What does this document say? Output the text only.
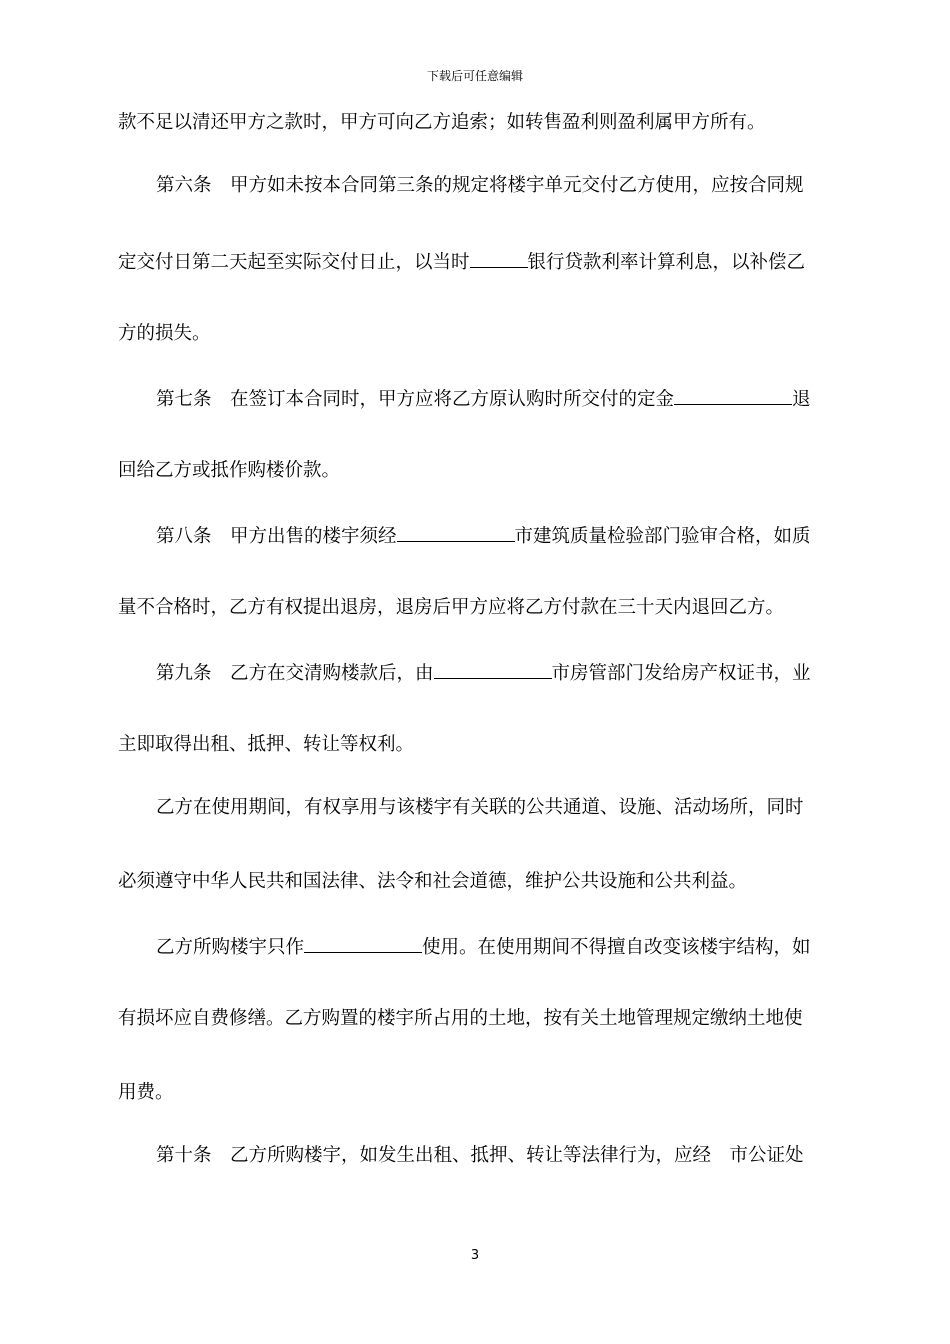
下载后可任意编辑
款不足以清还甲方之款时，甲方可向乙方追索；如转售盈利则盈利属甲方所有。
第六条　甲方如未按本合同第三条的规定将楼宇单元交付乙方使用，应按合同规
定交付日第二天起至实际交付日止，以当时	银行贷款利率计算利息，以补偿乙
方的损失。
第七条　在签订本合同时，甲方应将乙方原认购时所交付的定金	退
回给乙方或抵作购楼价款。
第八条　甲方出售的楼宇须经	市建筑质量检验部门验审合格，如质
量不合格时，乙方有权提出退房，退房后甲方应将乙方付款在三十天内退回乙方。
第九条　乙方在交清购楼款后，由	市房管部门发给房产权证书，业
主即取得出租、抵押、转让等权利。
乙方在使用期间，有权享用与该楼宇有关联的公共通道、设施、活动场所，同时
必须遵守中华人民共和国法律、法令和社会道德，维护公共设施和公共利益。
乙方所购楼宇只作	使用。在使用期间不得擅自改变该楼宇结构，如
有损坏应自费修缮。乙方购置的楼宇所占用的土地，按有关土地管理规定缴纳土地使
用费。
第十条　乙方所购楼宇，如发生出租、抵押、转让等法律行为，应经　市公证处
3
